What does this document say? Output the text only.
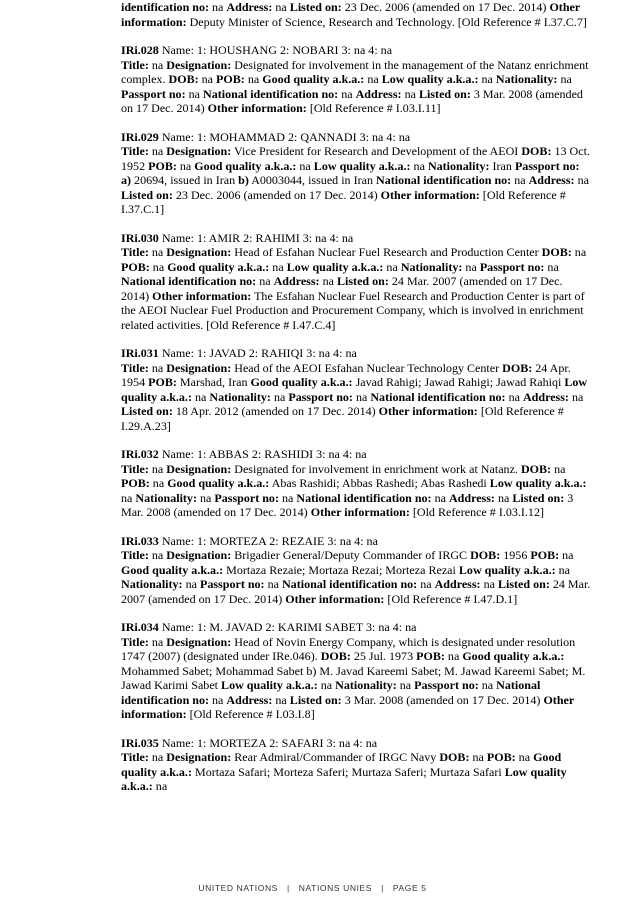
identification no: na Address: na Listed on: 23 Dec. 2006 (amended on 17 Dec. 2014) Other information: Deputy Minister of Science, Research and Technology. [Old Reference # I.37.C.7]

IRi.028 Name: 1: HOUSHANG 2: NOBARI 3: na 4: na
Title: na Designation: Designated for involvement in the management of the Natanz enrichment complex. DOB: na POB: na Good quality a.k.a.: na Low quality a.k.a.: na Nationality: na Passport no: na National identification no: na Address: na Listed on: 3 Mar. 2008 (amended on 17 Dec. 2014) Other information: [Old Reference # I.03.I.11]

IRi.029 Name: 1: MOHAMMAD 2: QANNADI 3: na 4: na
Title: na Designation: Vice President for Research and Development of the AEOI DOB: 13 Oct. 1952 POB: na Good quality a.k.a.: na Low quality a.k.a.: na Nationality: Iran Passport no: a) 20694, issued in Iran b) A0003044, issued in Iran National identification no: na Address: na Listed on: 23 Dec. 2006 (amended on 17 Dec. 2014) Other information: [Old Reference # I.37.C.1]

IRi.030 Name: 1: AMIR 2: RAHIMI 3: na 4: na
Title: na Designation: Head of Esfahan Nuclear Fuel Research and Production Center DOB: na POB: na Good quality a.k.a.: na Low quality a.k.a.: na Nationality: na Passport no: na National identification no: na Address: na Listed on: 24 Mar. 2007 (amended on 17 Dec. 2014) Other information: The Esfahan Nuclear Fuel Research and Production Center is part of the AEOI Nuclear Fuel Production and Procurement Company, which is involved in enrichment related activities. [Old Reference # I.47.C.4]

IRi.031 Name: 1: JAVAD 2: RAHIQI 3: na 4: na
Title: na Designation: Head of the AEOI Esfahan Nuclear Technology Center DOB: 24 Apr. 1954 POB: Marshad, Iran Good quality a.k.a.: Javad Rahigi; Jawad Rahigi; Jawad Rahiqi Low quality a.k.a.: na Nationality: na Passport no: na National identification no: na Address: na Listed on: 18 Apr. 2012 (amended on 17 Dec. 2014) Other information: [Old Reference # I.29.A.23]

IRi.032 Name: 1: ABBAS 2: RASHIDI 3: na 4: na
Title: na Designation: Designated for involvement in enrichment work at Natanz. DOB: na POB: na Good quality a.k.a.: Abas Rashidi; Abbas Rashedi; Abas Rashedi Low quality a.k.a.: na Nationality: na Passport no: na National identification no: na Address: na Listed on: 3 Mar. 2008 (amended on 17 Dec. 2014) Other information: [Old Reference # I.03.I.12]

IRi.033 Name: 1: MORTEZA 2: REZAIE 3: na 4: na
Title: na Designation: Brigadier General/Deputy Commander of IRGC DOB: 1956 POB: na Good quality a.k.a.: Mortaza Rezaie; Mortaza Rezai; Morteza Rezai Low quality a.k.a.: na Nationality: na Passport no: na National identification no: na Address: na Listed on: 24 Mar. 2007 (amended on 17 Dec. 2014) Other information: [Old Reference # I.47.D.1]

IRi.034 Name: 1: M. JAVAD 2: KARIMI SABET 3: na 4: na
Title: na Designation: Head of Novin Energy Company, which is designated under resolution 1747 (2007) (designated under IRe.046). DOB: 25 Jul. 1973 POB: na Good quality a.k.a.: Mohammed Sabet; Mohammad Sabet b) M. Javad Kareemi Sabet; M. Jawad Kareemi Sabet; M. Jawad Karimi Sabet Low quality a.k.a.: na Nationality: na Passport no: na National identification no: na Address: na Listed on: 3 Mar. 2008 (amended on 17 Dec. 2014) Other information: [Old Reference # I.03.I.8]

IRi.035 Name: 1: MORTEZA 2: SAFARI 3: na 4: na
Title: na Designation: Rear Admiral/Commander of IRGC Navy DOB: na POB: na Good quality a.k.a.: Mortaza Safari; Morteza Saferi; Murtaza Saferi; Murtaza Safari Low quality a.k.a.: na

UNITED NATIONS | NATIONS UNIES | PAGE 5
